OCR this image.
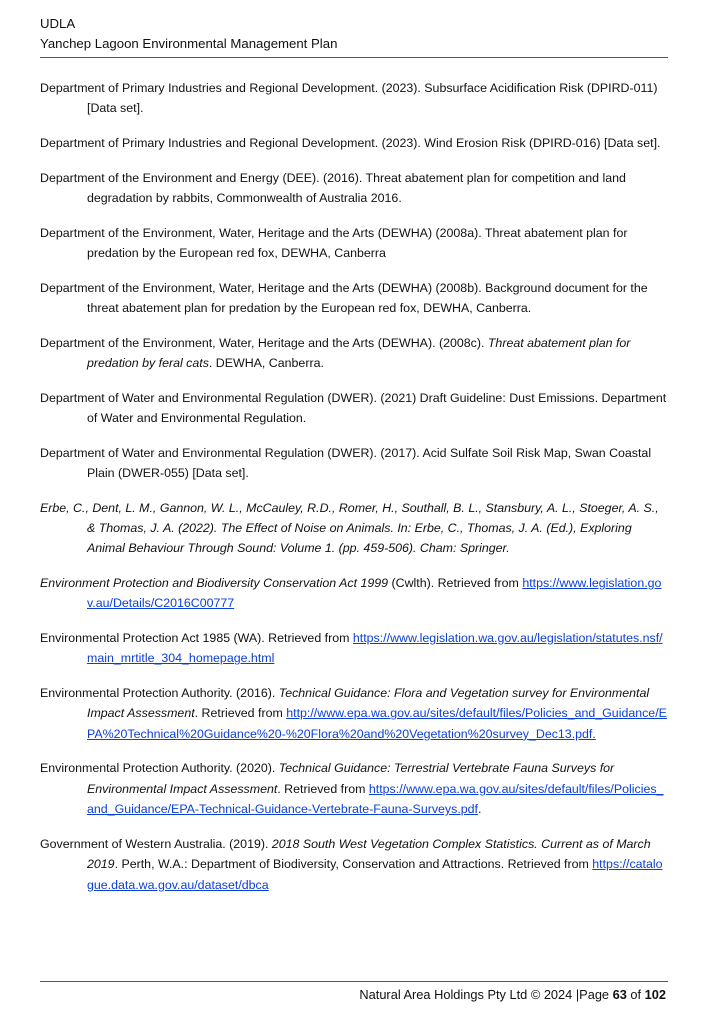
UDLA
Yanchep Lagoon Environmental Management Plan

Department of Primary Industries and Regional Development. (2023). Subsurface Acidification Risk (DPIRD-011) [Data set].

Department of Primary Industries and Regional Development. (2023). Wind Erosion Risk (DPIRD-016) [Data set].

Department of the Environment and Energy (DEE). (2016). Threat abatement plan for competition and land degradation by rabbits, Commonwealth of Australia 2016.

Department of the Environment, Water, Heritage and the Arts (DEWHA) (2008a). Threat abatement plan for predation by the European red fox, DEWHA, Canberra

Department of the Environment, Water, Heritage and the Arts (DEWHA) (2008b). Background document for the threat abatement plan for predation by the European red fox, DEWHA, Canberra.

Department of the Environment, Water, Heritage and the Arts (DEWHA). (2008c). Threat abatement plan for predation by feral cats. DEWHA, Canberra.

Department of Water and Environmental Regulation (DWER). (2021) Draft Guideline: Dust Emissions. Department of Water and Environmental Regulation.

Department of Water and Environmental Regulation (DWER). (2017). Acid Sulfate Soil Risk Map, Swan Coastal Plain (DWER-055) [Data set].

Erbe, C., Dent, L. M., Gannon, W. L., McCauley, R.D., Romer, H., Southall, B. L., Stansbury, A. L., Stoeger, A. S., & Thomas, J. A. (2022). The Effect of Noise on Animals. In: Erbe, C., Thomas, J. A. (Ed.), Exploring Animal Behaviour Through Sound: Volume 1. (pp. 459-506). Cham: Springer.

Environment Protection and Biodiversity Conservation Act 1999 (Cwlth). Retrieved from https://www.legislation.gov.au/Details/C2016C00777

Environmental Protection Act 1985 (WA). Retrieved from https://www.legislation.wa.gov.au/legislation/statutes.nsf/main_mrtitle_304_homepage.html

Environmental Protection Authority. (2016). Technical Guidance: Flora and Vegetation survey for Environmental Impact Assessment. Retrieved from http://www.epa.wa.gov.au/sites/default/files/Policies_and_Guidance/EPA%20Technical%20Guidance%20-%20Flora%20and%20Vegetation%20survey_Dec13.pdf.

Environmental Protection Authority. (2020). Technical Guidance: Terrestrial Vertebrate Fauna Surveys for Environmental Impact Assessment. Retrieved from https://www.epa.wa.gov.au/sites/default/files/Policies_and_Guidance/EPA-Technical-Guidance-Vertebrate-Fauna-Surveys.pdf.

Government of Western Australia. (2019). 2018 South West Vegetation Complex Statistics. Current as of March 2019. Perth, W.A.: Department of Biodiversity, Conservation and Attractions. Retrieved from https://catalogue.data.wa.gov.au/dataset/dbca

Natural Area Holdings Pty Ltd © 2024 |Page 63 of 102
